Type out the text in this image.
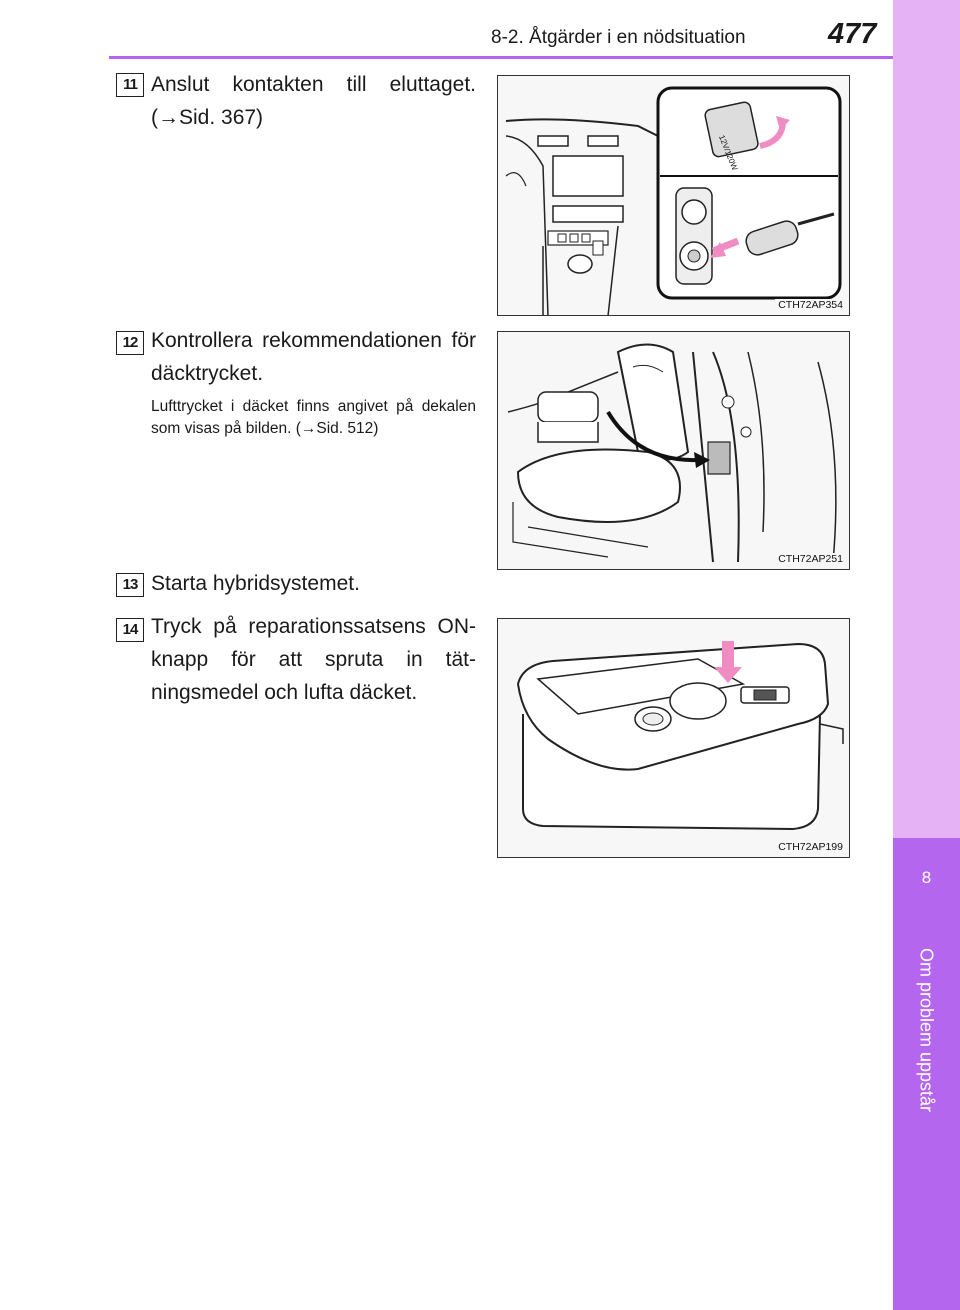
8-2. Åtgärder i en nödsituation	477
8
Om problem uppstår
11 Anslut kontakten till eluttaget. (→Sid. 367)
12V/120W
CTH72AP354
12 Kontrollera rekommendationen för däcktrycket.
Lufttrycket i däcket finns angivet på dekalen som visas på bilden. (→Sid. 512)
CTH72AP251
13 Starta hybridsystemet.
14 Tryck på reparationssatsens ON-knapp för att spruta in tät-ningsmedel och lufta däcket.
CTH72AP199
